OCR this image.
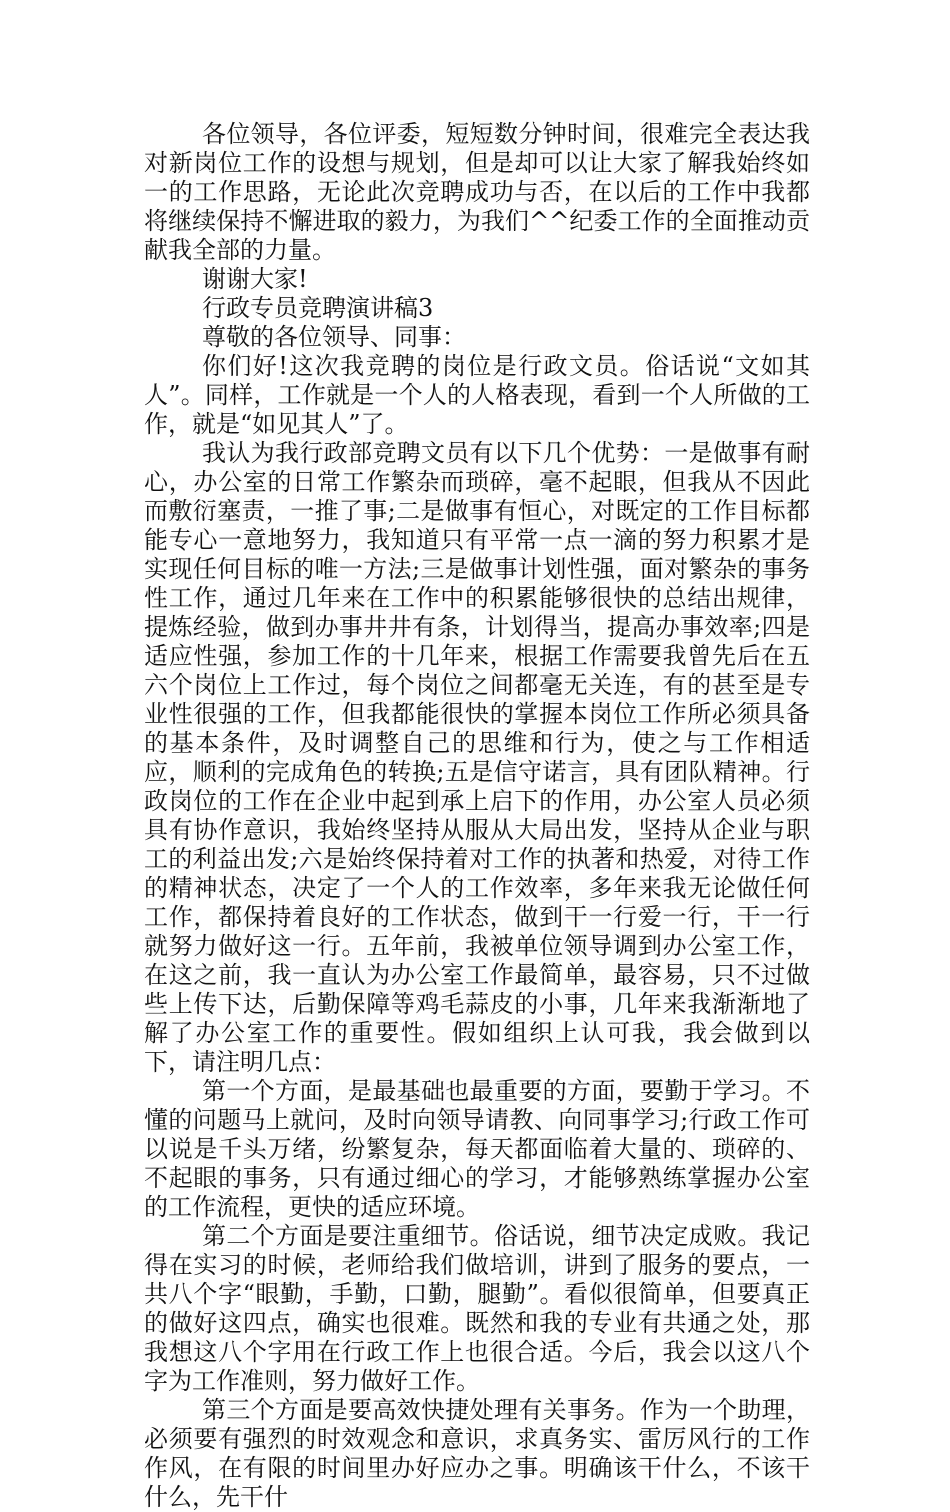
各位领导，各位评委，短短数分钟时间，很难完全表达我对新岗位工作的设想与规划，但是却可以让大家了解我始终如一的工作思路，无论此次竞聘成功与否，在以后的工作中我都将继续保持不懈进取的毅力，为我们^^纪委工作的全面推动贡献我全部的力量。

谢谢大家!

行政专员竞聘演讲稿3

尊敬的各位领导、同事：

你们好!这次我竞聘的岗位是行政文员。俗话说“文如其人”。同样，工作就是一个人的人格表现，看到一个人所做的工作，就是“如见其人”了。

我认为我行政部竞聘文员有以下几个优势：一是做事有耐心，办公室的日常工作繁杂而琐碎，毫不起眼，但我从不因此而敷衍塞责，一推了事;二是做事有恒心，对既定的工作目标都能专心一意地努力，我知道只有平常一点一滴的努力积累才是实现任何目标的唯一方法;三是做事计划性强，面对繁杂的事务性工作，通过几年来在工作中的积累能够很快的总结出规律，提炼经验，做到办事井井有条，计划得当，提高办事效率;四是适应性强，参加工作的十几年来，根据工作需要我曾先后在五六个岗位上工作过，每个岗位之间都毫无关连，有的甚至是专业性很强的工作，但我都能很快的掌握本岗位工作所必须具备的基本条件，及时调整自己的思维和行为，使之与工作相适应，顺利的完成角色的转换;五是信守诺言，具有团队精神。行政岗位的工作在企业中起到承上启下的作用，办公室人员必须具有协作意识，我始终坚持从服从大局出发，坚持从企业与职工的利益出发;六是始终保持着对工作的执著和热爱，对待工作的精神状态，决定了一个人的工作效率，多年来我无论做任何工作，都保持着良好的工作状态，做到干一行爱一行，干一行就努力做好这一行。五年前，我被单位领导调到办公室工作，在这之前，我一直认为办公室工作最简单，最容易，只不过做些上传下达，后勤保障等鸡毛蒜皮的小事，几年来我渐渐地了解了办公室工作的重要性。假如组织上认可我，我会做到以下，请注明几点：

第一个方面，是最基础也最重要的方面，要勤于学习。不懂的问题马上就问，及时向领导请教、向同事学习;行政工作可以说是千头万绪，纷繁复杂，每天都面临着大量的、琐碎的、不起眼的事务，只有通过细心的学习，才能够熟练掌握办公室的工作流程，更快的适应环境。

第二个方面是要注重细节。俗话说，细节决定成败。我记得在实习的时候，老师给我们做培训，讲到了服务的要点，一共八个字“眼勤，手勤，口勤，腿勤”。看似很简单，但要真正的做好这四点，确实也很难。既然和我的专业有共通之处，那我想这八个字用在行政工作上也很合适。今后，我会以这八个字为工作准则，努力做好工作。

第三个方面是要高效快捷处理有关事务。作为一个助理，必须要有强烈的时效观念和意识，求真务实、雷厉风行的工作作风，在有限的时间里办好应办之事。明确该干什么，不该干什么，先干什
